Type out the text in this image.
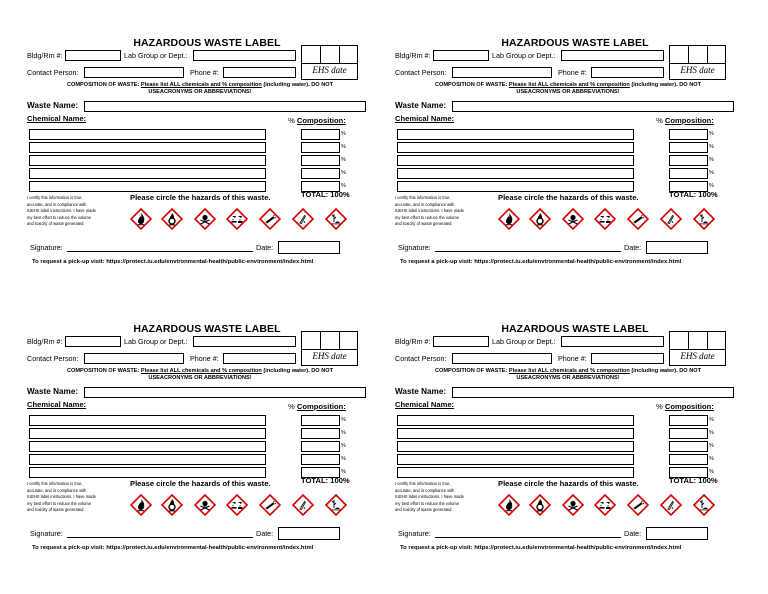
HAZARDOUS WASTE LABEL
Bldg/Rm #:	Lab Group or Dept.:
Contact Person:	Phone #:	EHS date
COMPOSITION OF WASTE: Please list ALL chemicals and % composition (including water). DO NOT
USEACRONYMS OR ABBREVIATIONS!
Waste Name:
Chemical Name:	% Composition:
%
%
%
%
%
TOTAL: 100%
I certify this information is true,
accurate, and in compliance with
IUEHS label instructions. I have made
my best effort to reduce the volume
and toxicity of waste generated.
Please circle the hazards of this waste.
Signature:	Date:
To request a pick-up visit: https://protect.iu.edu/environmental-health/public-environment/index.html
HAZARDOUS WASTE LABEL
Bldg/Rm #:	Lab Group or Dept.:
Contact Person:	Phone #:	EHS date
COMPOSITION OF WASTE: Please list ALL chemicals and % composition (including water). DO NOT
USEACRONYMS OR ABBREVIATIONS!
Waste Name:
Chemical Name:	% Composition:
%
%
%
%
%
TOTAL: 100%
I certify this information is true,
accurate, and in compliance with
IUEHS label instructions. I have made
my best effort to reduce the volume
and toxicity of waste generated.
Please circle the hazards of this waste.
Signature:	Date:
To request a pick-up visit: https://protect.iu.edu/environmental-health/public-environment/index.html
HAZARDOUS WASTE LABEL
Bldg/Rm #:	Lab Group or Dept.:
Contact Person:	Phone #:	EHS date
COMPOSITION OF WASTE: Please list ALL chemicals and % composition (including water). DO NOT
USEACRONYMS OR ABBREVIATIONS!
Waste Name:
Chemical Name:	% Composition:
%
%
%
%
%
TOTAL: 100%
I certify this information is true,
accurate, and in compliance with
IUEHS label instructions. I have made
my best effort to reduce the volume
and toxicity of waste generated.
Please circle the hazards of this waste.
Signature:	Date:
To request a pick-up visit: https://protect.iu.edu/environmental-health/public-environment/index.html
HAZARDOUS WASTE LABEL
Bldg/Rm #:	Lab Group or Dept.:
Contact Person:	Phone #:	EHS date
COMPOSITION OF WASTE: Please list ALL chemicals and % composition (including water). DO NOT
USEACRONYMS OR ABBREVIATIONS!
Waste Name:
Chemical Name:	% Composition:
%
%
%
%
%
TOTAL: 100%
I certify this information is true,
accurate, and in compliance with
IUEHS label instructions. I have made
my best effort to reduce the volume
and toxicity of waste generated.
Please circle the hazards of this waste.
Signature:	Date:
To request a pick-up visit: https://protect.iu.edu/environmental-health/public-environment/index.html
